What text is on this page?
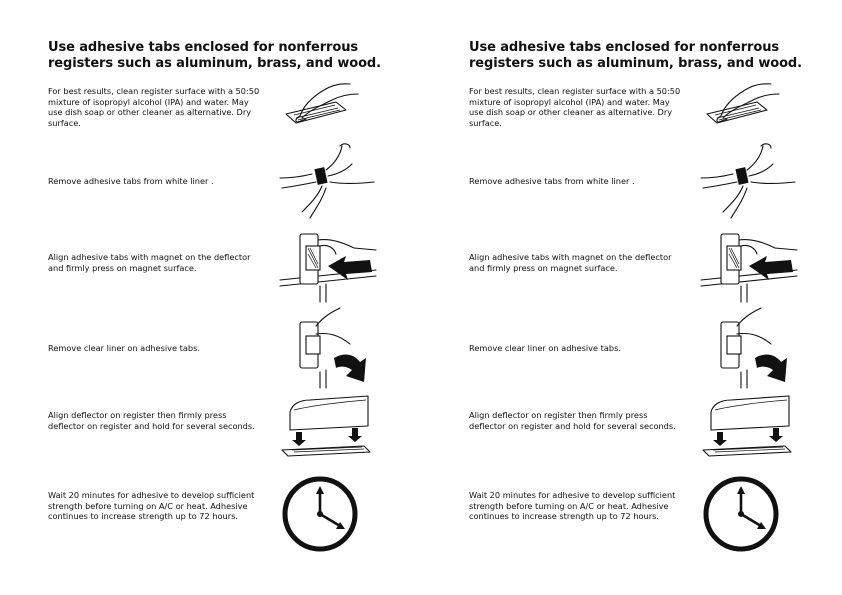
Use adhesive tabs enclosed for nonferrous registers such as aluminum, brass, and wood.

For best results, clean register surface with a 50:50 mixture of isopropyl alcohol (IPA) and water. May use dish soap or other cleaner as alternative. Dry surface.

Remove adhesive tabs from white liner .

Align adhesive tabs with magnet on the deflector and firmly press on magnet surface.

Remove clear liner on adhesive tabs.

Align deflector on register then firmly press deflector on register and hold for several seconds.

Wait 20 minutes for adhesive to develop sufficient strength before turning on A/C or heat. Adhesive continues to increase strength up to 72 hours.

Use adhesive tabs enclosed for nonferrous registers such as aluminum, brass, and wood.

For best results, clean register surface with a 50:50 mixture of isopropyl alcohol (IPA) and water. May use dish soap or other cleaner as alternative. Dry surface.

Remove adhesive tabs from white liner .

Align adhesive tabs with magnet on the deflector and firmly press on magnet surface.

Remove clear liner on adhesive tabs.

Align deflector on register then firmly press deflector on register and hold for several seconds.

Wait 20 minutes for adhesive to develop sufficient strength before turning on A/C or heat. Adhesive continues to increase strength up to 72 hours.
